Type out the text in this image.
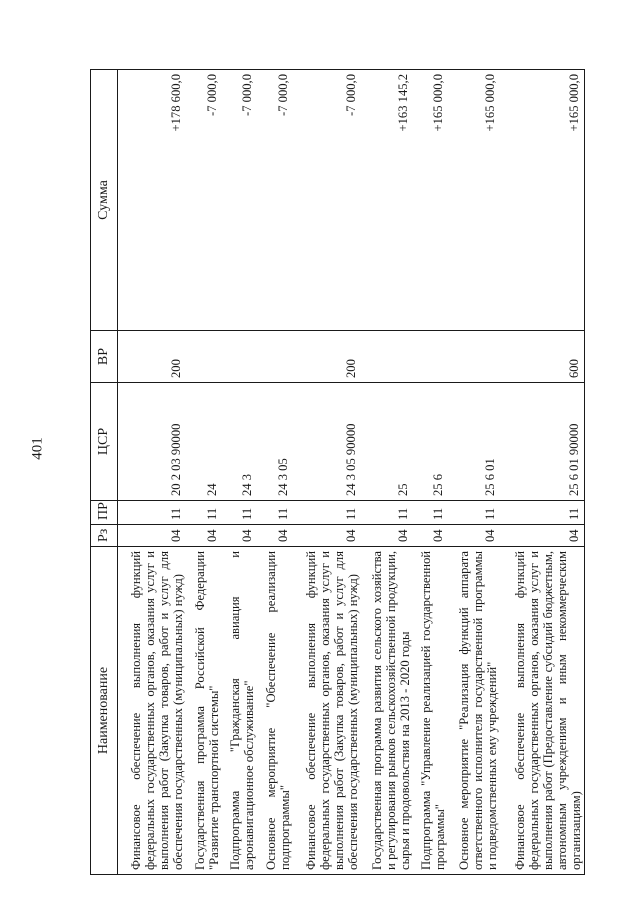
401
Наименование	Рз	ПР	ЦСР	ВР	Сумма
Финансовое обеспечение выполнения функций федеральных государственных органов, оказания услуг и выполнения работ (Закупка товаров, работ и услуг для обеспечения государственных (муниципальных) нужд)	04	11	20 2 03 90000	200	+178 600,0
Государственная программа Российской Федерации "Развитие транспортной системы"	04	11	24		-7 000,0
Подпрограмма "Гражданская авиация и аэронавигационное обслуживание"	04	11	24 3		-7 000,0
Основное мероприятие "Обеспечение реализации подпрограммы"	04	11	24 3 05		-7 000,0
Финансовое обеспечение выполнения функций федеральных государственных органов, оказания услуг и выполнения работ (Закупка товаров, работ и услуг для обеспечения государственных (муниципальных) нужд)	04	11	24 3 05 90000	200	-7 000,0
Государственная программа развития сельского хозяйства и регулирования рынков сельскохозяйственной продукции, сырья и продовольствия на 2013 - 2020 годы	04	11	25		+163 145,2
Подпрограмма "Управление реализацией государственной программы"	04	11	25 6		+165 000,0
Основное мероприятие "Реализация функций аппарата ответственного исполнителя государственной программы и подведомственных ему учреждений"	04	11	25 6 01		+165 000,0
Финансовое обеспечение выполнения функций федеральных государственных органов, оказания услуг и выполнения работ (Предоставление субсидий бюджетным, автономным учреждениям и иным некоммерческим организациям)	04	11	25 6 01 90000	600	+165 000,0
